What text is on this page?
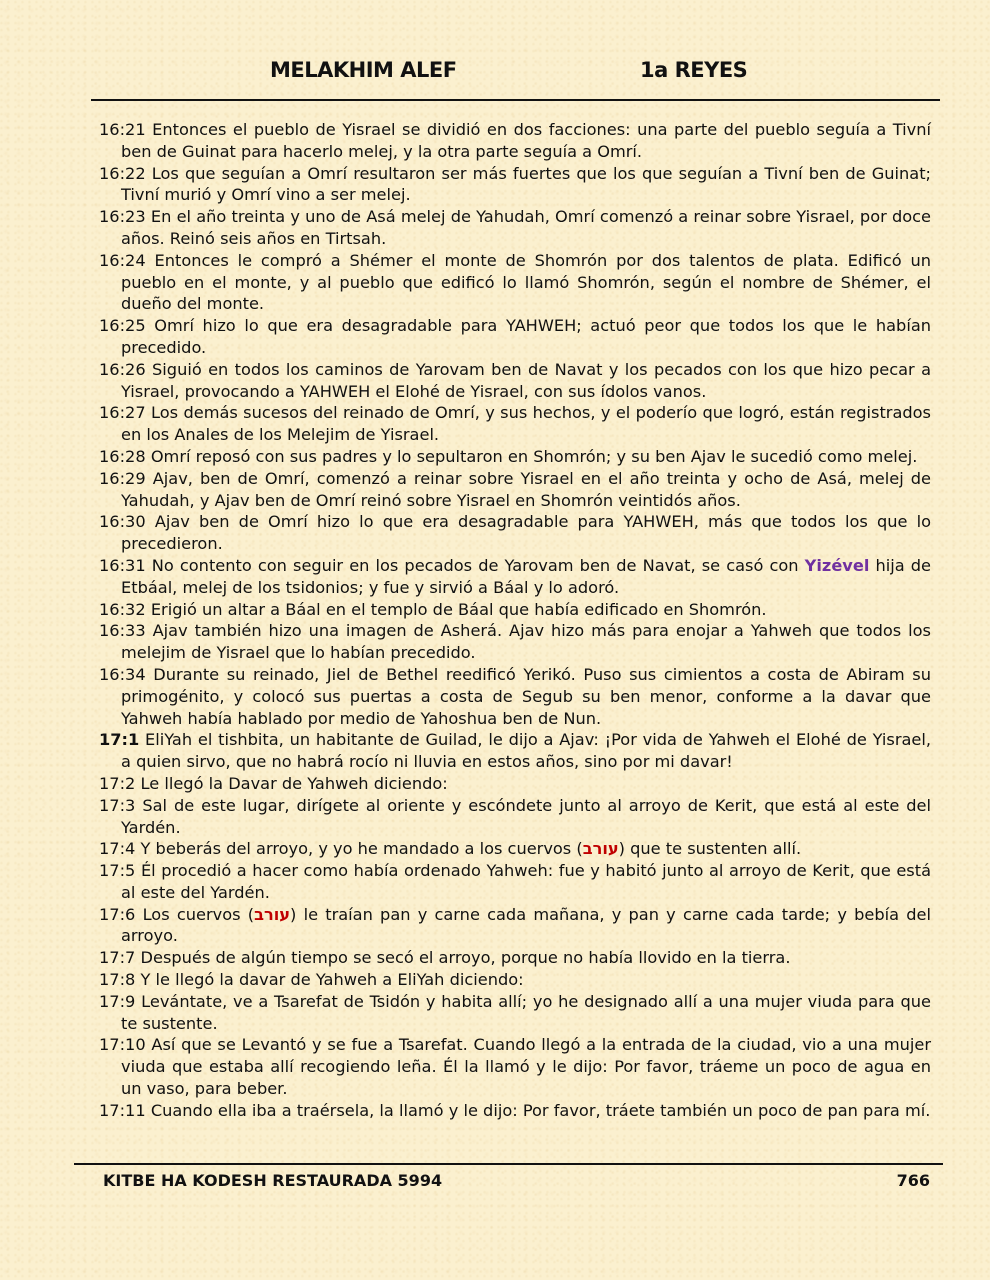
MELAKHIM ALEF	1a REYES

16:21 Entonces el pueblo de Yisrael se dividió en dos facciones: una parte del pueblo seguía a Tivní ben de Guinat para hacerlo melej, y la otra parte seguía a Omrí.

16:22 Los que seguían a Omrí resultaron ser más fuertes que los que seguían a Tivní ben de Guinat; Tivní murió y Omrí vino a ser melej.

16:23 En el año treinta y uno de Asá melej de Yahudah, Omrí comenzó a reinar sobre Yisrael, por doce años. Reinó seis años en Tirtsah.

16:24 Entonces le compró a Shémer el monte de Shomrón por dos talentos de plata. Edificó un pueblo en el monte, y al pueblo que edificó lo llamó Shomrón, según el nombre de Shémer, el dueño del monte.

16:25 Omrí hizo lo que era desagradable para YAHWEH; actuó peor que todos los que le habían precedido.

16:26 Siguió en todos los caminos de Yarovam ben de Navat y los pecados con los que hizo pecar a Yisrael, provocando a YAHWEH el Elohé de Yisrael, con sus ídolos vanos.

16:27 Los demás sucesos del reinado de Omrí, y sus hechos, y el poderío que logró, están registrados en los Anales de los Melejim de Yisrael.

16:28 Omrí reposó con sus padres y lo sepultaron en Shomrón; y su ben Ajav le sucedió como melej.

16:29 Ajav, ben de Omrí, comenzó a reinar sobre Yisrael en el año treinta y ocho de Asá, melej de Yahudah, y Ajav ben de Omrí reinó sobre Yisrael en Shomrón veintidós años.

16:30 Ajav ben de Omrí hizo lo que era desagradable para YAHWEH, más que todos los que lo precedieron.

16:31 No contento con seguir en los pecados de Yarovam ben de Navat, se casó con Yizével hija de Etbáal, melej de los tsidonios; y fue y sirvió a Báal y lo adoró.

16:32 Erigió un altar a Báal en el templo de Báal que había edificado en Shomrón.

16:33 Ajav también hizo una imagen de Asherá. Ajav hizo más para enojar a Yahweh que todos los melejim de Yisrael que lo habían precedido.

16:34 Durante su reinado, Jiel de Bethel reedificó Yerikó. Puso sus cimientos a costa de Abiram su primogénito, y colocó sus puertas a costa de Segub su ben menor, conforme a la davar que Yahweh había hablado por medio de Yahoshua ben de Nun.

17:1 EliYah el tishbita, un habitante de Guilad, le dijo a Ajav: ¡Por vida de Yahweh el Elohé de Yisrael, a quien sirvo, que no habrá rocío ni lluvia en estos años, sino por mi davar!

17:2 Le llegó la Davar de Yahweh diciendo:

17:3 Sal de este lugar, dirígete al oriente y escóndete junto al arroyo de Kerit, que está al este del Yardén.

17:4 Y beberás del arroyo, y yo he mandado a los cuervos (עורב) que te sustenten allí.

17:5 Él procedió a hacer como había ordenado Yahweh: fue y habitó junto al arroyo de Kerit, que está al este del Yardén.

17:6 Los cuervos (עורב) le traían pan y carne cada mañana, y pan y carne cada tarde; y bebía del arroyo.

17:7 Después de algún tiempo se secó el arroyo, porque no había llovido en la tierra.

17:8 Y le llegó la davar de Yahweh a EliYah diciendo:

17:9 Levántate, ve a Tsarefat de Tsidón y habita allí; yo he designado allí a una mujer viuda para que te sustente.

17:10 Así que se Levantó y se fue a Tsarefat. Cuando llegó a la entrada de la ciudad, vio a una mujer viuda que estaba allí recogiendo leña. Él la llamó y le dijo: Por favor, tráeme un poco de agua en un vaso, para beber.

17:11 Cuando ella iba a traérsela, la llamó y le dijo: Por favor, tráete también un poco de pan para mí.

KITBE HA KODESH RESTAURADA 5994	766
